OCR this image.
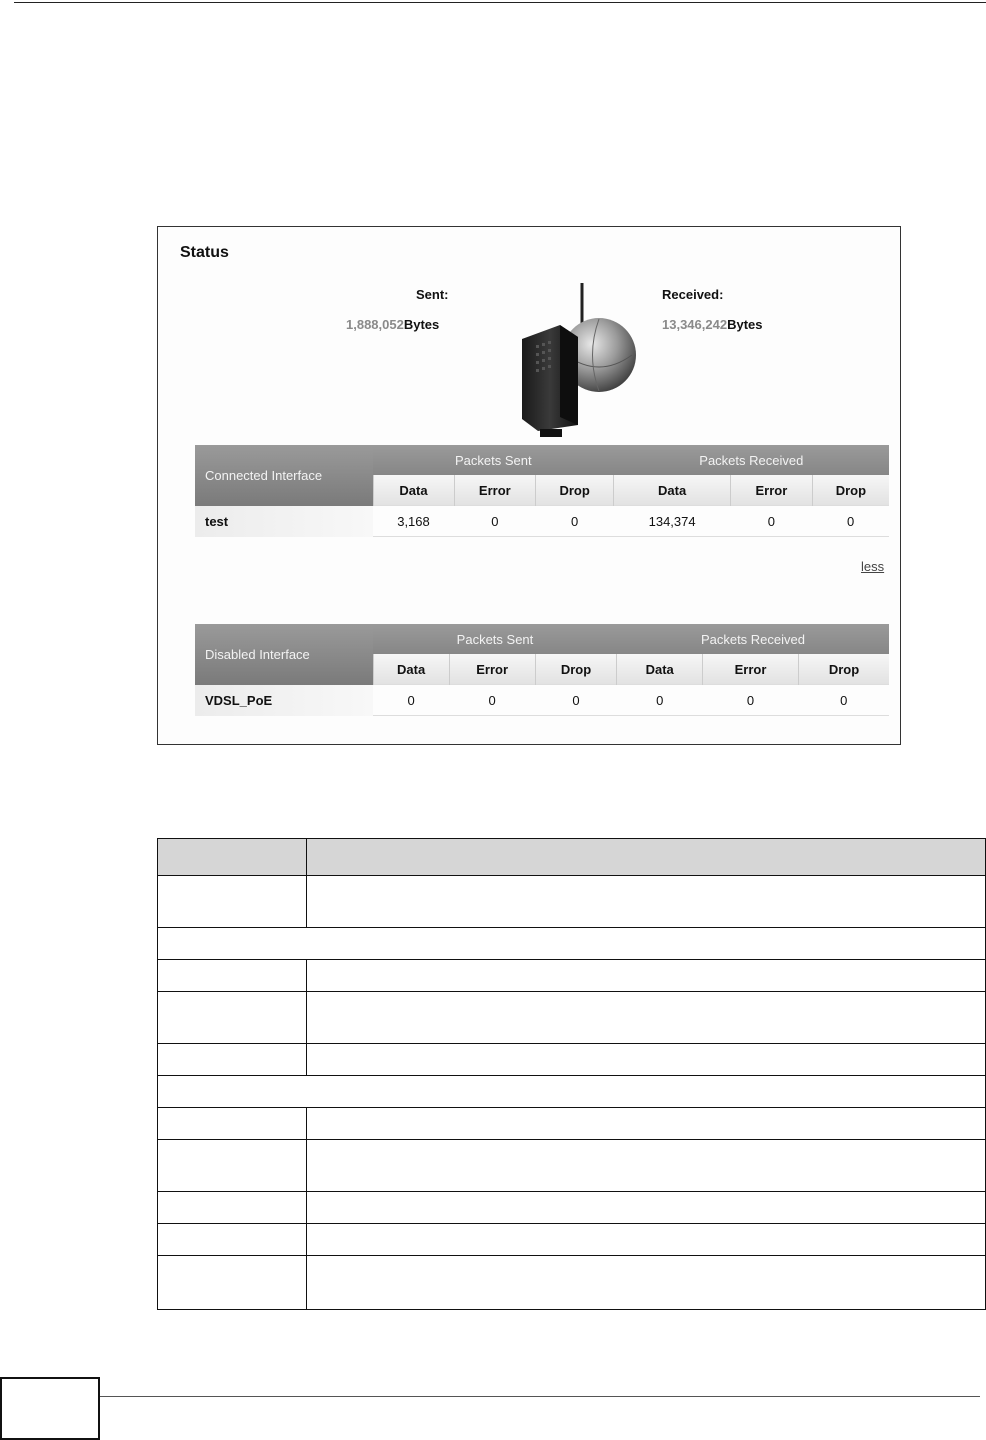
Status
Sent:
1,888,052Bytes
Received:
13,346,242Bytes
Connected Interface	Packets Sent			Packets Received		
	Data	Error	Drop	Data	Error	Drop
test	3,168	0	0	134,374	0	0
less
Disabled Interface	Packets Sent			Packets Received		
	Data	Error	Drop	Data	Error	Drop
VDSL_PoE	0	0	0	0	0	0
